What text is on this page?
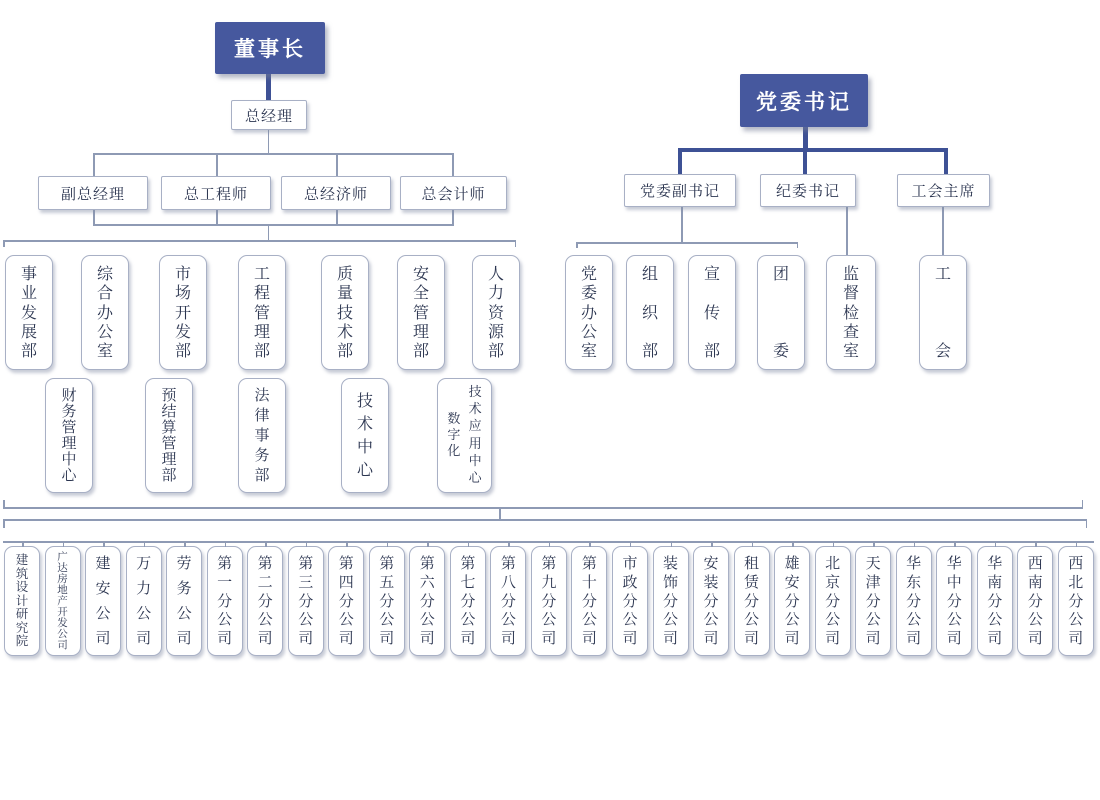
董事长
总经理
副总经理	总工程师	总经济师	总会计师
事
业
发
展
部
综
合
办
公
室
市
场
开
发
部
工
程
管
理
部
质
量
技
术
部
安
全
管
理
部
人
力
资
源
部
财
务
管
理
中
心
预
结
算
管
理
部
法
律
事
务
部
技
术
中
心
数
字
化
技
术
应
用
中
心
党委书记
党委副书记	纪委书记	工会主席
党
委
办
公
室
组
织
部
宣
传
部
团
委
监
督
检
查
室
工
会
建
筑
设
计
研
究
院
广
达
房
地
产
开
发
公
司
建
安
公
司
万
力
公
司
劳
务
公
司
第
一
分
公
司
第
二
分
公
司
第
三
分
公
司
第
四
分
公
司
第
五
分
公
司
第
六
分
公
司
第
七
分
公
司
第
八
分
公
司
第
九
分
公
司
第
十
分
公
司
市
政
分
公
司
装
饰
分
公
司
安
装
分
公
司
租
赁
分
公
司
雄
安
分
公
司
北
京
分
公
司
天
津
分
公
司
华
东
分
公
司
华
中
分
公
司
华
南
分
公
司
西
南
分
公
司
西
北
分
公
司
